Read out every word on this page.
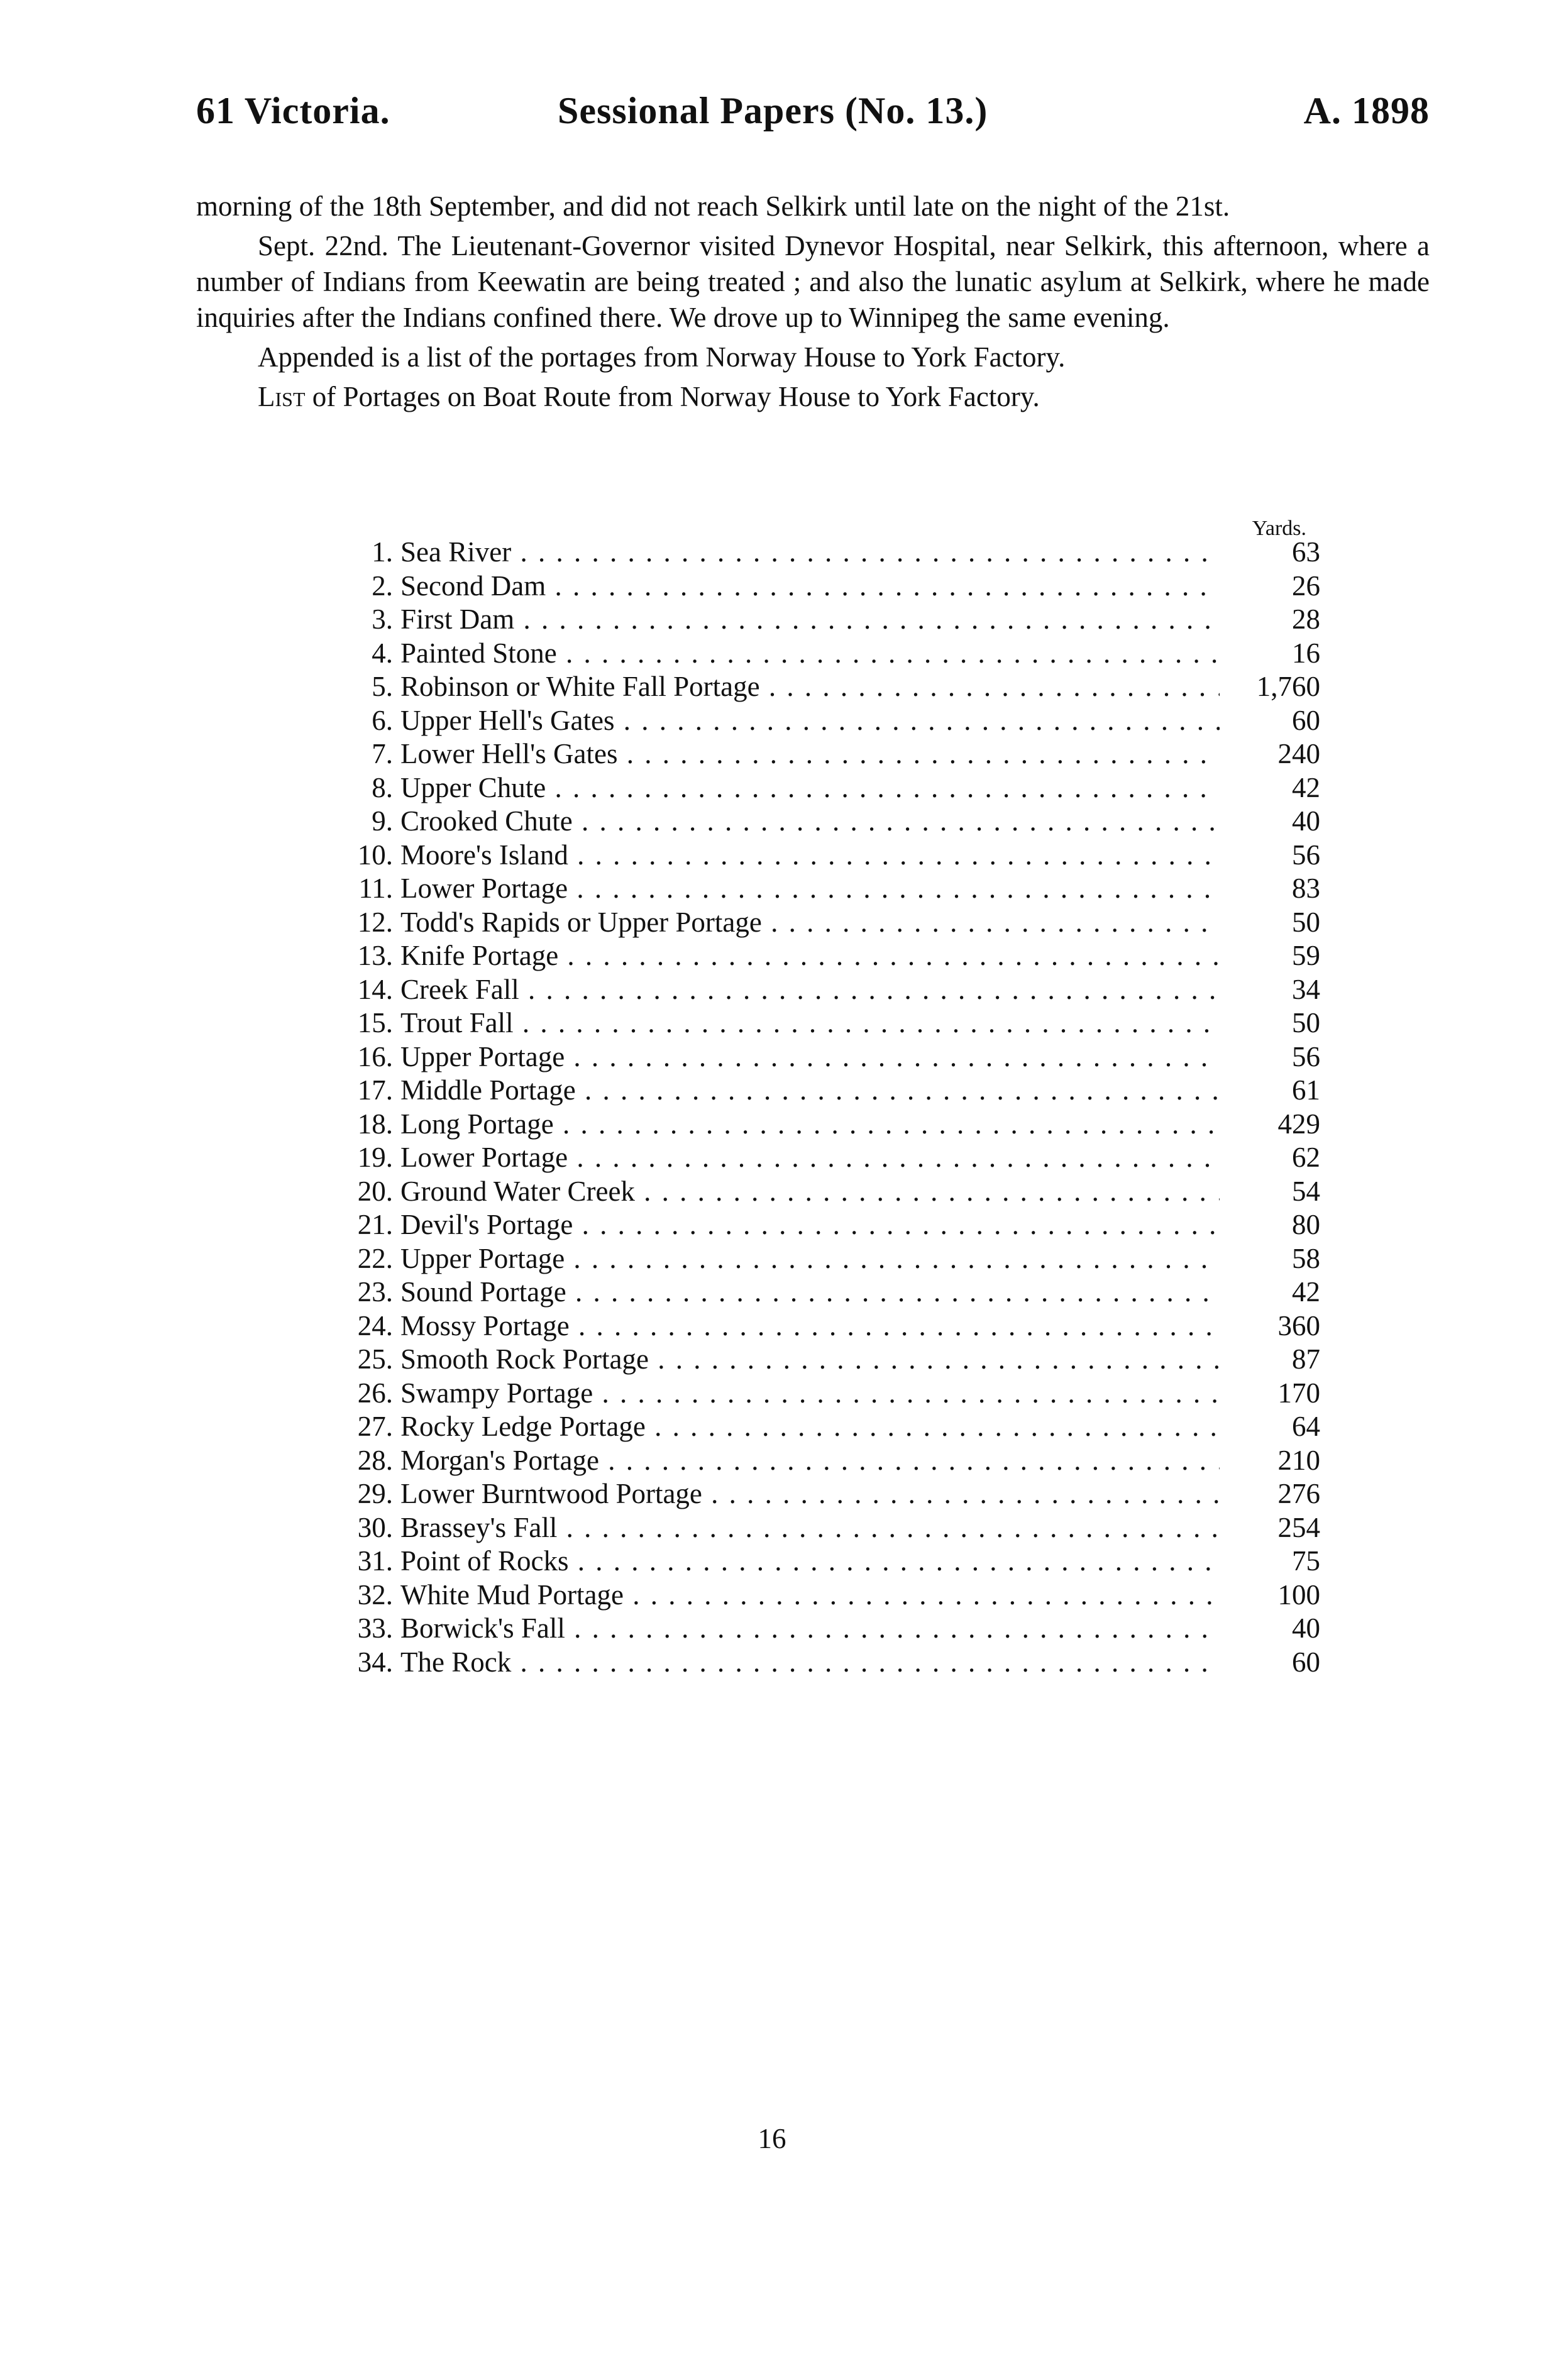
61 Victoria.	Sessional Papers (No. 13.)	A. 1898

morning of the 18th September, and did not reach Selkirk until late on the night of the 21st.

Sept. 22nd. The Lieutenant-Governor visited Dynevor Hospital, near Selkirk, this afternoon, where a number of Indians from Keewatin are being treated ; and also the lunatic asylum at Selkirk, where he made inquiries after the Indians confined there. We drove up to Winnipeg the same evening.

Appended is a list of the portages from Norway House to York Factory.

List of Portages on Boat Route from Norway House to York Factory.

Yards.
1. Sea River . . .	63
2. Second Dam . . .	26
3. First Dam . . .	28
4. Painted Stone . . .	16
5. Robinson or White Fall Portage . . .	1,760
6. Upper Hell's Gates . . .	60
7. Lower Hell's Gates . . .	240
8. Upper Chute . . .	42
9. Crooked Chute . . .	40
10. Moore's Island . . .	56
11. Lower Portage . . .	83
12. Todd's Rapids or Upper Portage . . .	50
13. Knife Portage . . .	59
14. Creek Fall . . .	34
15. Trout Fall . . .	50
16. Upper Portage . . .	56
17. Middle Portage . . .	61
18. Long Portage . . .	429
19. Lower Portage . . .	62
20. Ground Water Creek . . .	54
21. Devil's Portage . . .	80
22. Upper Portage . . .	58
23. Sound Portage . . .	42
24. Mossy Portage . . .	360
25. Smooth Rock Portage . . .	87
26. Swampy Portage . . .	170
27. Rocky Ledge Portage . . .	64
28. Morgan's Portage . . .	210
29. Lower Burntwood Portage . . .	276
30. Brassey's Fall . . .	254
31. Point of Rocks . . .	75
32. White Mud Portage . . .	100
33. Borwick's Fall . . .	40
34. The Rock . . .	60
16
